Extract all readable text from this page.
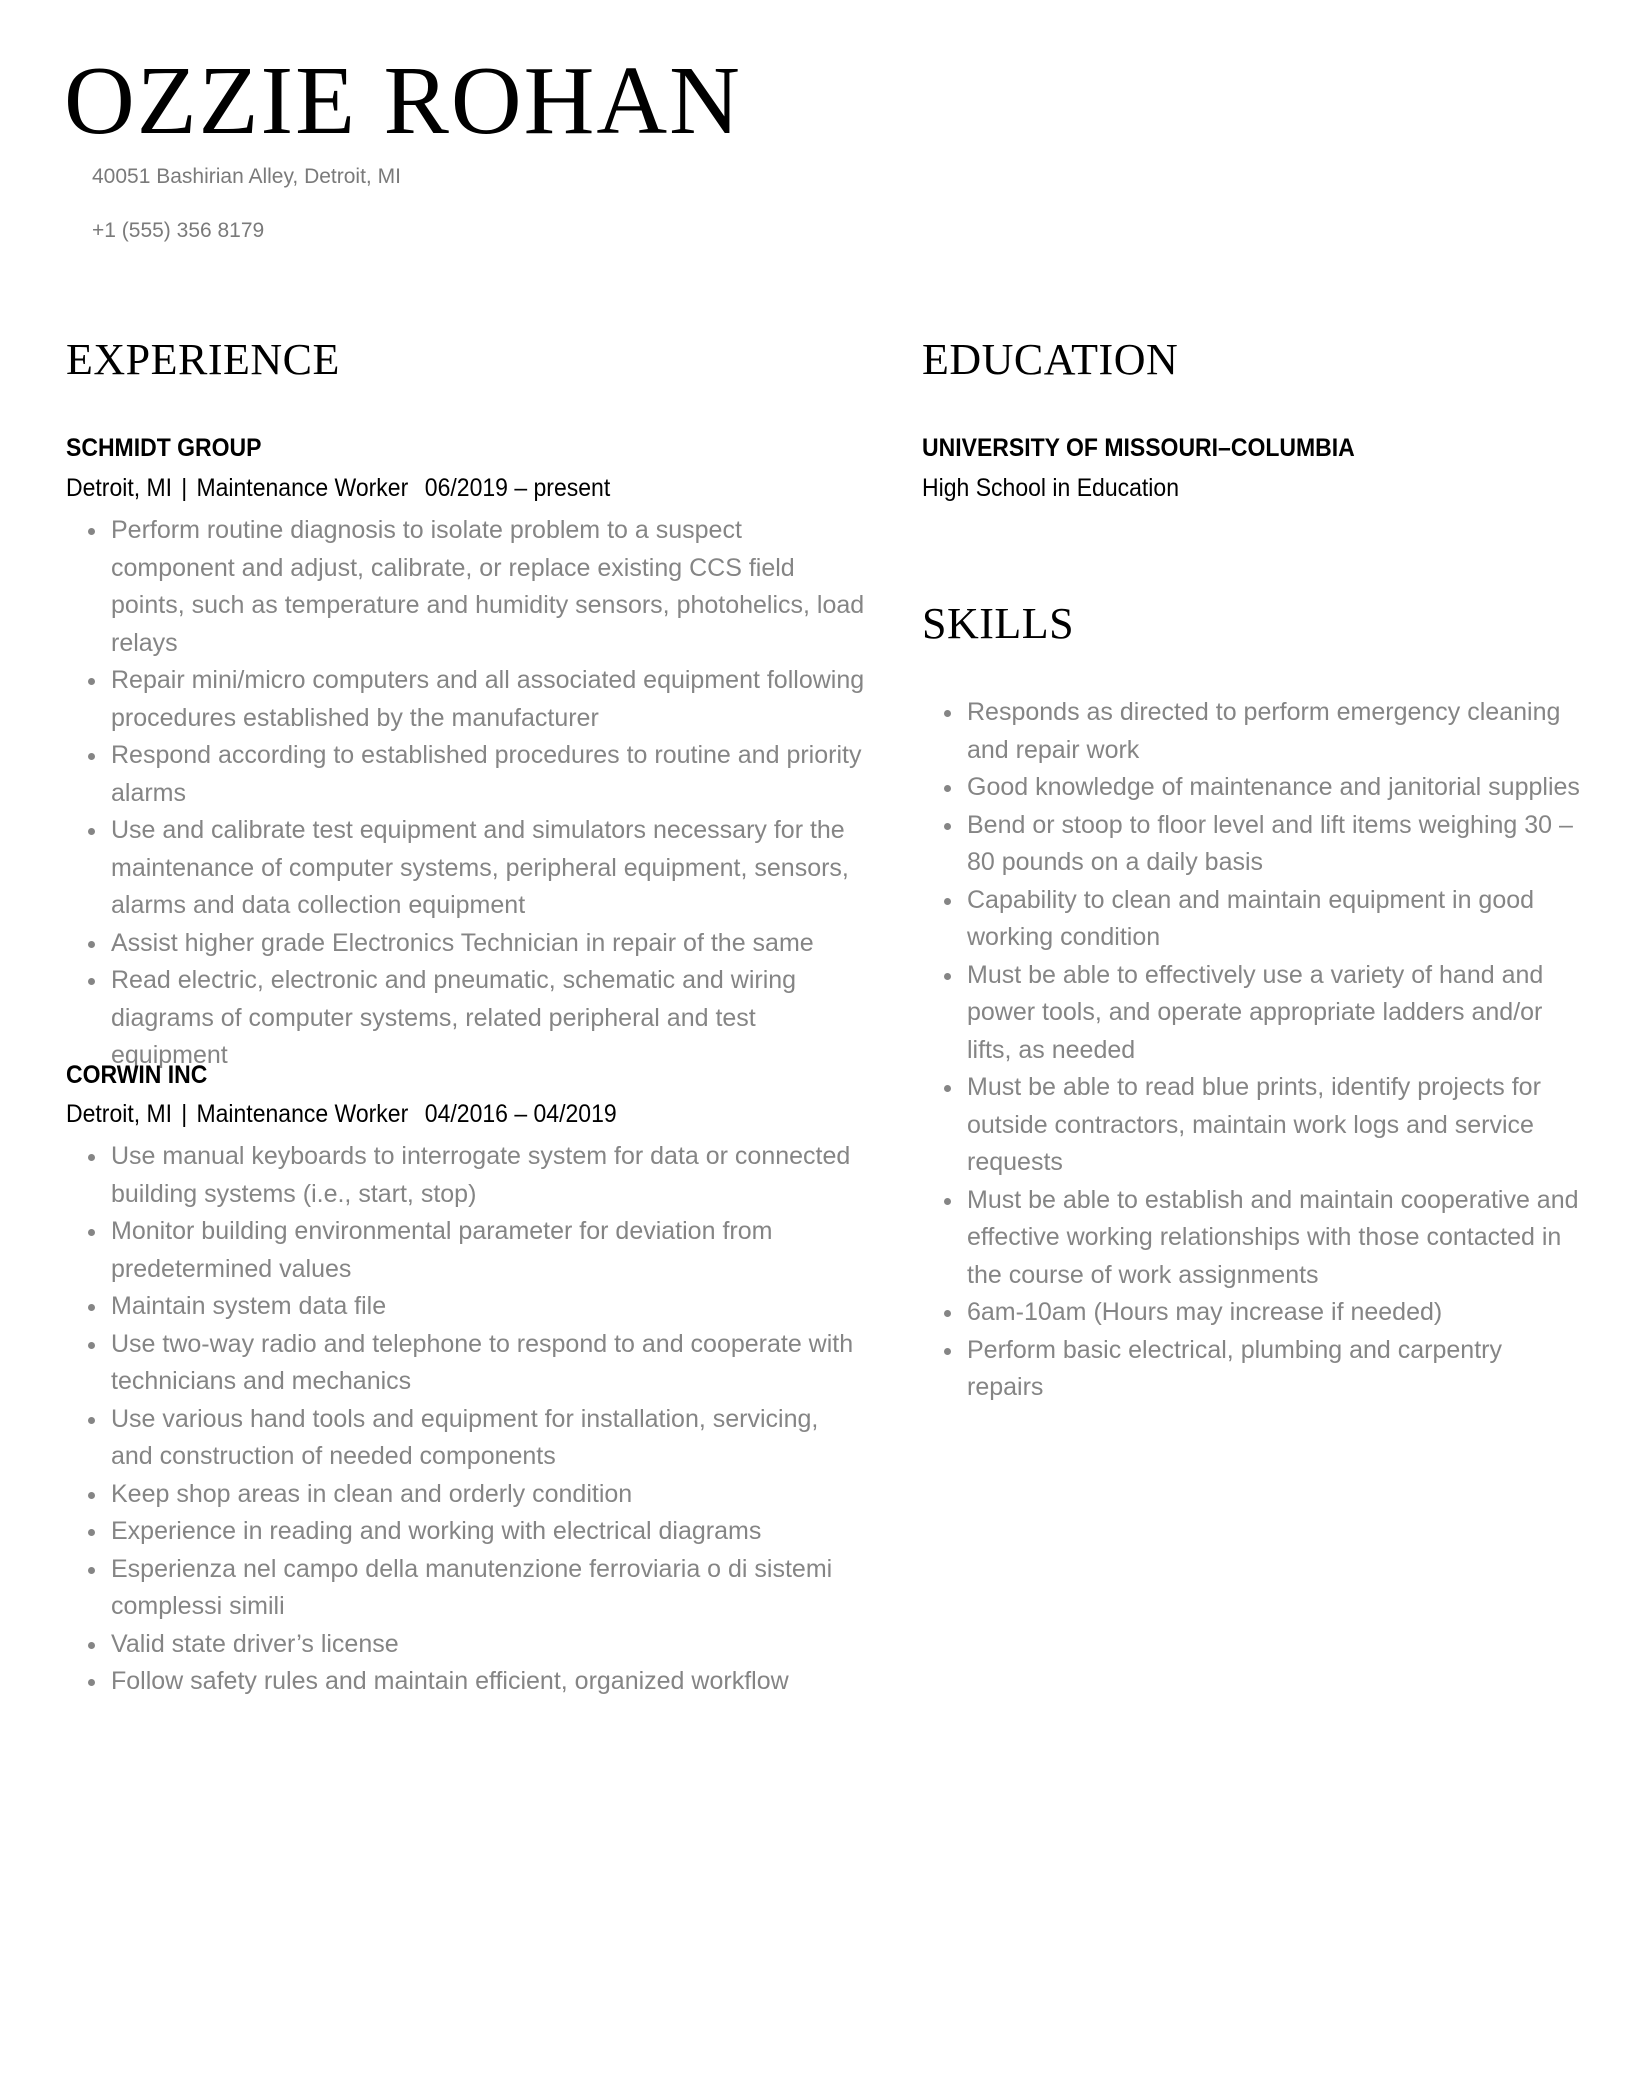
OZZIE ROHAN
40051 Bashirian Alley, Detroit, MI
+1 (555) 356 8179
EXPERIENCE
SCHMIDT GROUP
Detroit, MI | Maintenance Worker 06/2019 – present
Perform routine diagnosis to isolate problem to a suspect component and adjust, calibrate, or replace existing CCS field points, such as temperature and humidity sensors, photohelics, load relays
Repair mini/micro computers and all associated equipment following procedures established by the manufacturer
Respond according to established procedures to routine and priority alarms
Use and calibrate test equipment and simulators necessary for the maintenance of computer systems, peripheral equipment, sensors, alarms and data collection equipment
Assist higher grade Electronics Technician in repair of the same
Read electric, electronic and pneumatic, schematic and wiring diagrams of computer systems, related peripheral and test equipment
CORWIN INC
Detroit, MI | Maintenance Worker 04/2016 – 04/2019
Use manual keyboards to interrogate system for data or connected building systems (i.e., start, stop)
Monitor building environmental parameter for deviation from predetermined values
Maintain system data file
Use two-way radio and telephone to respond to and cooperate with technicians and mechanics
Use various hand tools and equipment for installation, servicing, and construction of needed components
Keep shop areas in clean and orderly condition
Experience in reading and working with electrical diagrams
Esperienza nel campo della manutenzione ferroviaria o di sistemi complessi simili
Valid state driver’s license
Follow safety rules and maintain efficient, organized workflow
EDUCATION
UNIVERSITY OF MISSOURI–COLUMBIA
High School in Education
SKILLS
Responds as directed to perform emergency cleaning and repair work
Good knowledge of maintenance and janitorial supplies
Bend or stoop to floor level and lift items weighing 30 – 80 pounds on a daily basis
Capability to clean and maintain equipment in good working condition
Must be able to effectively use a variety of hand and power tools, and operate appropriate ladders and/or lifts, as needed
Must be able to read blue prints, identify projects for outside contractors, maintain work logs and service requests
Must be able to establish and maintain cooperative and effective working relationships with those contacted in the course of work assignments
6am-10am (Hours may increase if needed)
Perform basic electrical, plumbing and carpentry repairs
